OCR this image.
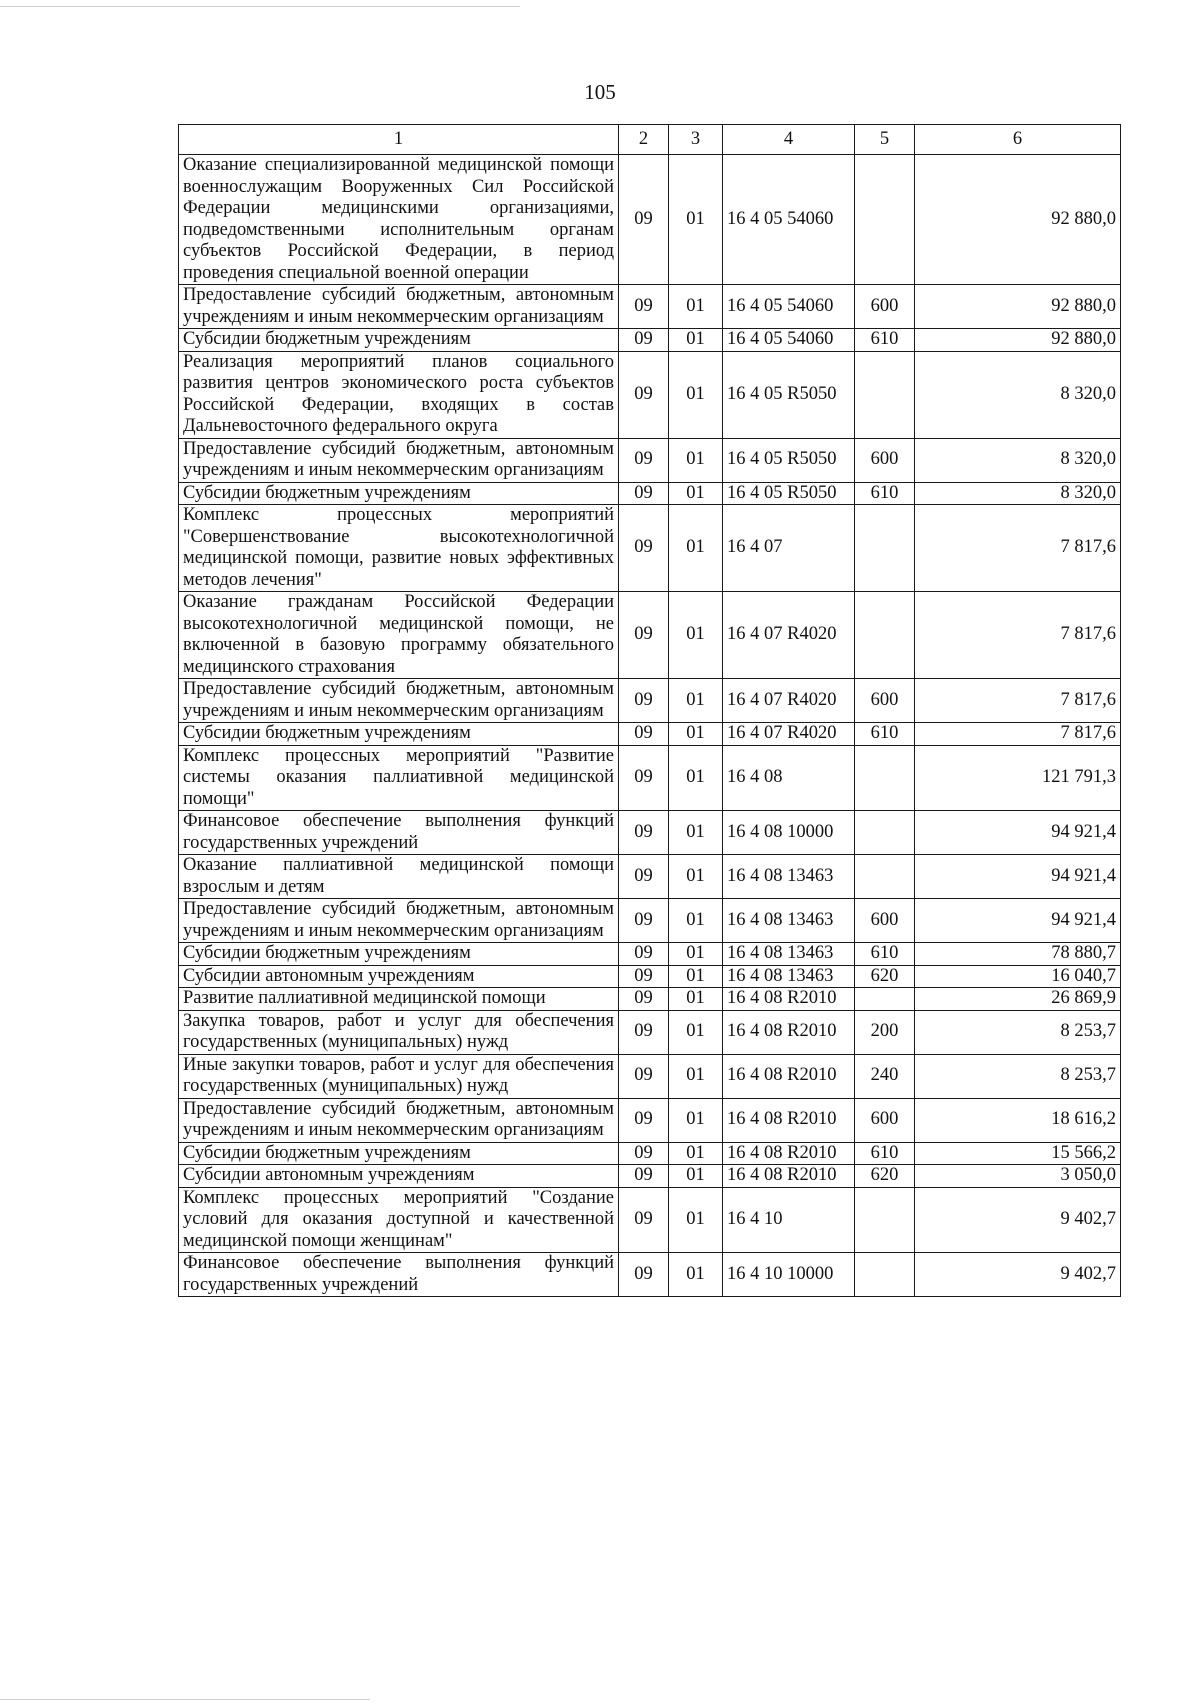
105
1	2	3	4	5	6
Оказание специализированной медицинской помощи военнослужащим Вооруженных Сил Российской Федерации медицинскими организациями, подведомственными исполнительным органам субъектов Российской Федерации, в период проведения специальной военной операции	09	01	16 4 05 54060		92 880,0
Предоставление субсидий бюджетным, автономным учреждениям и иным некоммерческим организациям	09	01	16 4 05 54060	600	92 880,0
Субсидии бюджетным учреждениям	09	01	16 4 05 54060	610	92 880,0
Реализация мероприятий планов социального развития центров экономического роста субъектов Российской Федерации, входящих в состав Дальневосточного федерального округа	09	01	16 4 05 R5050		8 320,0
Предоставление субсидий бюджетным, автономным учреждениям и иным некоммерческим организациям	09	01	16 4 05 R5050	600	8 320,0
Субсидии бюджетным учреждениям	09	01	16 4 05 R5050	610	8 320,0
Комплекс процессных мероприятий "Совершенствование высокотехнологичной медицинской помощи, развитие новых эффективных методов лечения"	09	01	16 4 07		7 817,6
Оказание гражданам Российской Федерации высокотехнологичной медицинской помощи, не включенной в базовую программу обязательного медицинского страхования	09	01	16 4 07 R4020		7 817,6
Предоставление субсидий бюджетным, автономным учреждениям и иным некоммерческим организациям	09	01	16 4 07 R4020	600	7 817,6
Субсидии бюджетным учреждениям	09	01	16 4 07 R4020	610	7 817,6
Комплекс процессных мероприятий "Развитие системы оказания паллиативной медицинской помощи"	09	01	16 4 08		121 791,3
Финансовое обеспечение выполнения функций государственных учреждений	09	01	16 4 08 10000		94 921,4
Оказание паллиативной медицинской помощи взрослым и детям	09	01	16 4 08 13463		94 921,4
Предоставление субсидий бюджетным, автономным учреждениям и иным некоммерческим организациям	09	01	16 4 08 13463	600	94 921,4
Субсидии бюджетным учреждениям	09	01	16 4 08 13463	610	78 880,7
Субсидии автономным учреждениям	09	01	16 4 08 13463	620	16 040,7
Развитие паллиативной медицинской помощи	09	01	16 4 08 R2010		26 869,9
Закупка товаров, работ и услуг для обеспечения государственных (муниципальных) нужд	09	01	16 4 08 R2010	200	8 253,7
Иные закупки товаров, работ и услуг для обеспечения государственных (муниципальных) нужд	09	01	16 4 08 R2010	240	8 253,7
Предоставление субсидий бюджетным, автономным учреждениям и иным некоммерческим организациям	09	01	16 4 08 R2010	600	18 616,2
Субсидии бюджетным учреждениям	09	01	16 4 08 R2010	610	15 566,2
Субсидии автономным учреждениям	09	01	16 4 08 R2010	620	3 050,0
Комплекс процессных мероприятий "Создание условий для оказания доступной и качественной медицинской помощи женщинам"	09	01	16 4 10		9 402,7
Финансовое обеспечение выполнения функций государственных учреждений	09	01	16 4 10 10000		9 402,7
